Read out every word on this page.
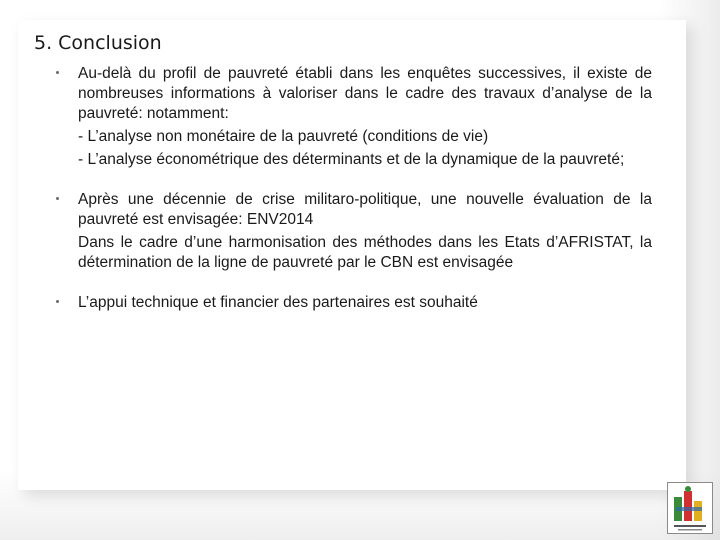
5. Conclusion
Au-delà du profil de pauvreté établi dans les enquêtes successives, il existe de nombreuses informations à valoriser dans le cadre des travaux d’analyse de la pauvreté: notamment:
- L’analyse non monétaire de la pauvreté (conditions de vie)
- L’analyse économétrique des déterminants et de la dynamique de la pauvreté;
Après une décennie de crise militaro-politique, une nouvelle évaluation de la pauvreté est envisagée: ENV2014
Dans le cadre d’une harmonisation des méthodes dans les Etats d’AFRISTAT, la détermination de la ligne de pauvreté par le CBN est envisagée
L’appui technique et financier des partenaires est souhaité
